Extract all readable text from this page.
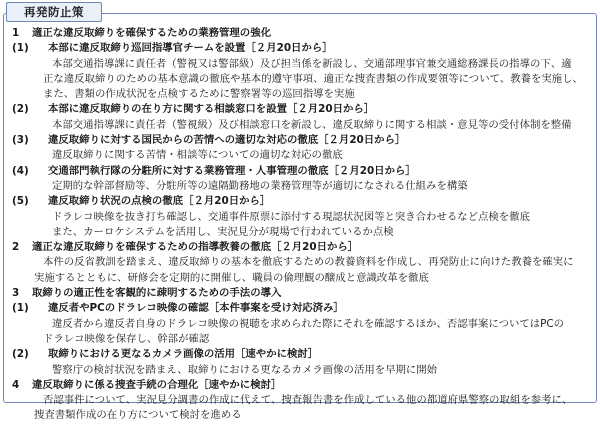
再発防止策
1 適正な違反取締りを確保するための業務管理の強化
(1) 本部に違反取締り巡回指導官チームを設置［２月20日から］
本部交通指導課に責任者（警視又は警部級）及び担当係を新設し、交通部理事官兼交通総務課長の指導の下、適
正な違反取締りのための基本意識の徹底や基本的遵守事項、適正な捜査書類の作成要領等について、教養を実施し、
また、書類の作成状況を点検するために警察署等の巡回指導を実施
(2) 本部に違反取締りの在り方に関する相談窓口を設置［２月20日から］
本部交通指導課に責任者（警視級）及び相談窓口を新設し、違反取締りに関する相談・意見等の受付体制を整備
(3) 違反取締りに対する国民からの苦情への適切な対応の徹底［２月20日から］
違反取締りに関する苦情・相談等についての適切な対応の徹底
(4) 交通部門執行隊の分駐所に対する業務管理・人事管理の徹底［２月20日から］
定期的な幹部督励等、分駐所等の遠隔勤務地の業務管理等が適切になされる仕組みを構築
(5) 違反取締り状況の点検の徹底［２月20日から］
ドラレコ映像を抜き打ち確認し、交通事件原票に添付する現認状況図等と突き合わせるなど点検を徹底
また、カーロケシステムを活用し、実況見分が現場で行われているか点検
2 適正な違反取締りを確保するための指導教養の徹底［２月20日から］
本件の反省教訓を踏まえ、違反取締りの基本を徹底するための教養資料を作成し、再発防止に向けた教養を確実に
実施するとともに、研修会を定期的に開催し、職員の倫理観の醸成と意識改革を徹底
3 取締りの適正性を客観的に疎明するための手法の導入
(1) 違反者やPCのドラレコ映像の確認［本件事案を受け対応済み］
違反者から違反者自身のドラレコ映像の視聴を求められた際にそれを確認するほか、否認事案についてはPCの
ドラレコ映像を保存し、幹部が確認
(2) 取締りにおける更なるカメラ画像の活用［速やかに検討］
警察庁の検討状況を踏まえ、取締りにおける更なるカメラ画像の活用を早期に開始
4 違反取締りに係る捜査手続の合理化［速やかに検討］
否認事件について、実況見分調書の作成に代えて、捜査報告書を作成している他の都道府県警察の取組を参考に、
捜査書類作成の在り方について検討を進める
